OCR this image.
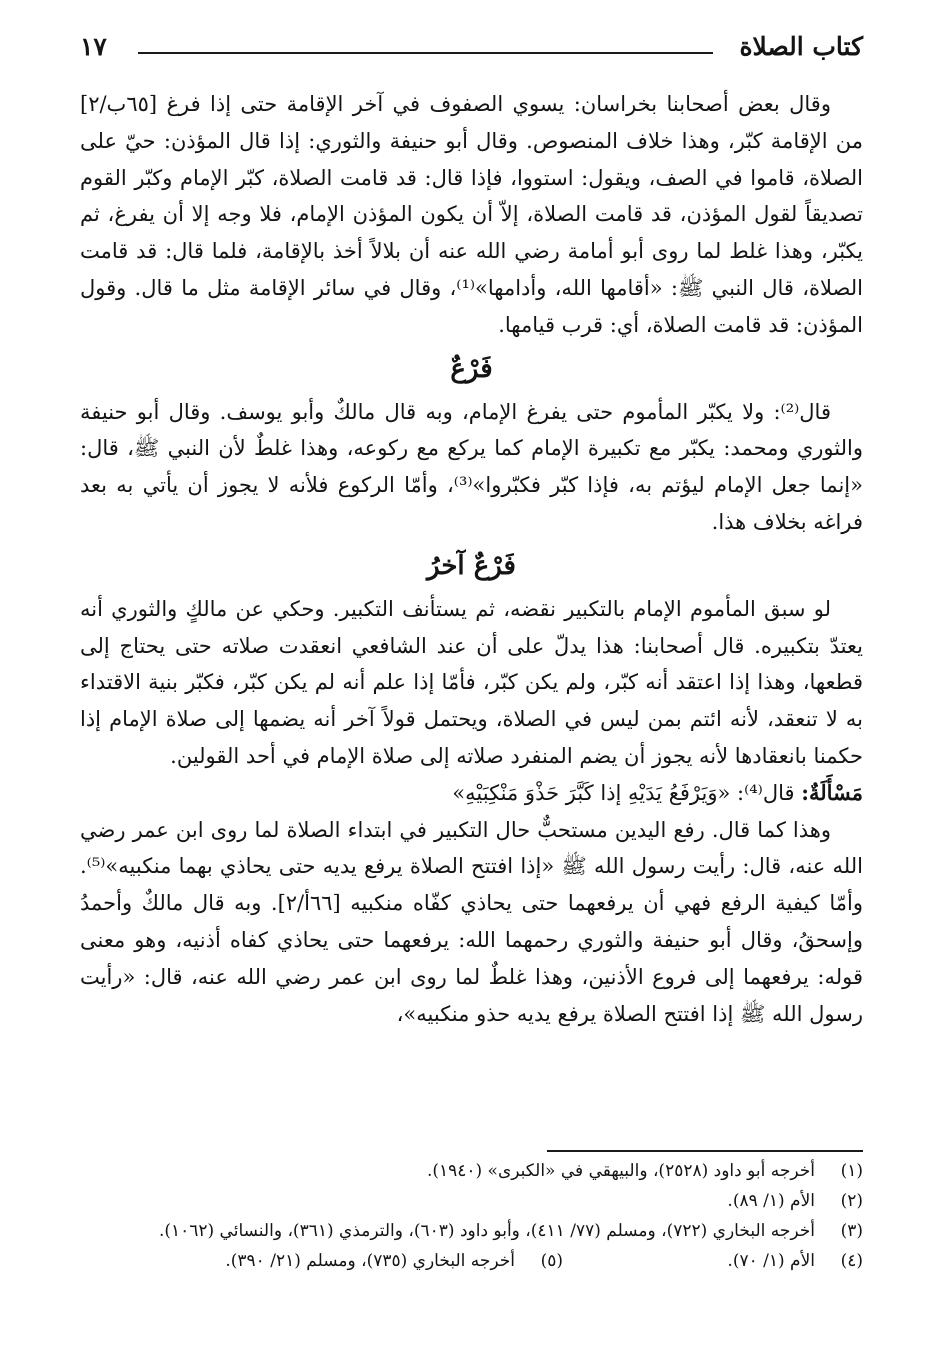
كتاب الصلاة
١٧

وقال بعض أصحابنا بخراسان: يسوي الصفوف في آخر الإقامة حتى إذا فرغ [٦٥ب/٢] من الإقامة كبّر، وهذا خلاف المنصوص. وقال أبو حنيفة والثوري: إذا قال المؤذن: حيّ على الصلاة، قاموا في الصف، ويقول: استووا، فإذا قال: قد قامت الصلاة، كبّر الإمام وكبّر القوم تصديقاً لقول المؤذن، قد قامت الصلاة، إلاّ أن يكون المؤذن الإمام، فلا وجه إلا أن يفرغ، ثم يكبّر، وهذا غلط لما روى أبو أمامة رضي الله عنه أن بلالاً أخذ بالإقامة، فلما قال: قد قامت الصلاة، قال النبي ﷺ: «أقامها الله، وأدامها»⁽¹⁾، وقال في سائر الإقامة مثل ما قال. وقول المؤذن: قد قامت الصلاة، أي: قرب قيامها.

فَرْعٌ

قال⁽²⁾: ولا يكبّر المأموم حتى يفرغ الإمام، وبه قال مالكٌ وأبو يوسف. وقال أبو حنيفة والثوري ومحمد: يكبّر مع تكبيرة الإمام كما يركع مع ركوعه، وهذا غلطٌ لأن النبي ﷺ، قال: «إنما جعل الإمام ليؤتم به، فإذا كبّر فكبّروا»⁽³⁾، وأمّا الركوع فلأنه لا يجوز أن يأتي به بعد فراغه بخلاف هذا.

فَرْعٌ آخرُ

لو سبق المأموم الإمام بالتكبير نقضه، ثم يستأنف التكبير. وحكي عن مالكٍ والثوري أنه يعتدّ بتكبيره. قال أصحابنا: هذا يدلّ على أن عند الشافعي انعقدت صلاته حتى يحتاج إلى قطعها، وهذا إذا اعتقد أنه كبّر، ولم يكن كبّر، فأمّا إذا علم أنه لم يكن كبّر، فكبّر بنية الاقتداء به لا تنعقد، لأنه ائتم بمن ليس في الصلاة، ويحتمل قولاً آخر أنه يضمها إلى صلاة الإمام إذا حكمنا بانعقادها لأنه يجوز أن يضم المنفرد صلاته إلى صلاة الإمام في أحد القولين.

مَسْأَلَةٌ: قال⁽⁴⁾: «وَيَرْفَعُ يَدَيْهِ إذا كَبَّرَ حَذْوَ مَنْكِبَيْهِ»

وهذا كما قال. رفع اليدين مستحبٌّ حال التكبير في ابتداء الصلاة لما روى ابن عمر رضي الله عنه، قال: رأيت رسول الله ﷺ «إذا افتتح الصلاة يرفع يديه حتى يحاذي بهما منكبيه»⁽⁵⁾. وأمّا كيفية الرفع فهي أن يرفعهما حتى يحاذي كفّاه منكبيه [٦٦أ/٢]. وبه قال مالكٌ وأحمدُ وإسحقُ، وقال أبو حنيفة والثوري رحمهما الله: يرفعهما حتى يحاذي كفاه أذنيه، وهو معنى قوله: يرفعهما إلى فروع الأذنين، وهذا غلطٌ لما روى ابن عمر رضي الله عنه، قال: «رأيت رسول الله ﷺ إذا افتتح الصلاة يرفع يديه حذو منكبيه»،

(١)
أخرجه أبو داود (٢٥٢٨)، والبيهقي في «الكبرى» (١٩٤٠).
(٢)
الأم (١/ ٨٩).
(٣)
أخرجه البخاري (٧٢٢)، ومسلم (٧٧/ ٤١١)، وأبو داود (٦٠٣)، والترمذي (٣٦١)، والنسائي (١٠٦٢).
(٤)
الأم (١/ ٧٠).
(٥)
أخرجه البخاري (٧٣٥)، ومسلم (٢١/ ٣٩٠).
